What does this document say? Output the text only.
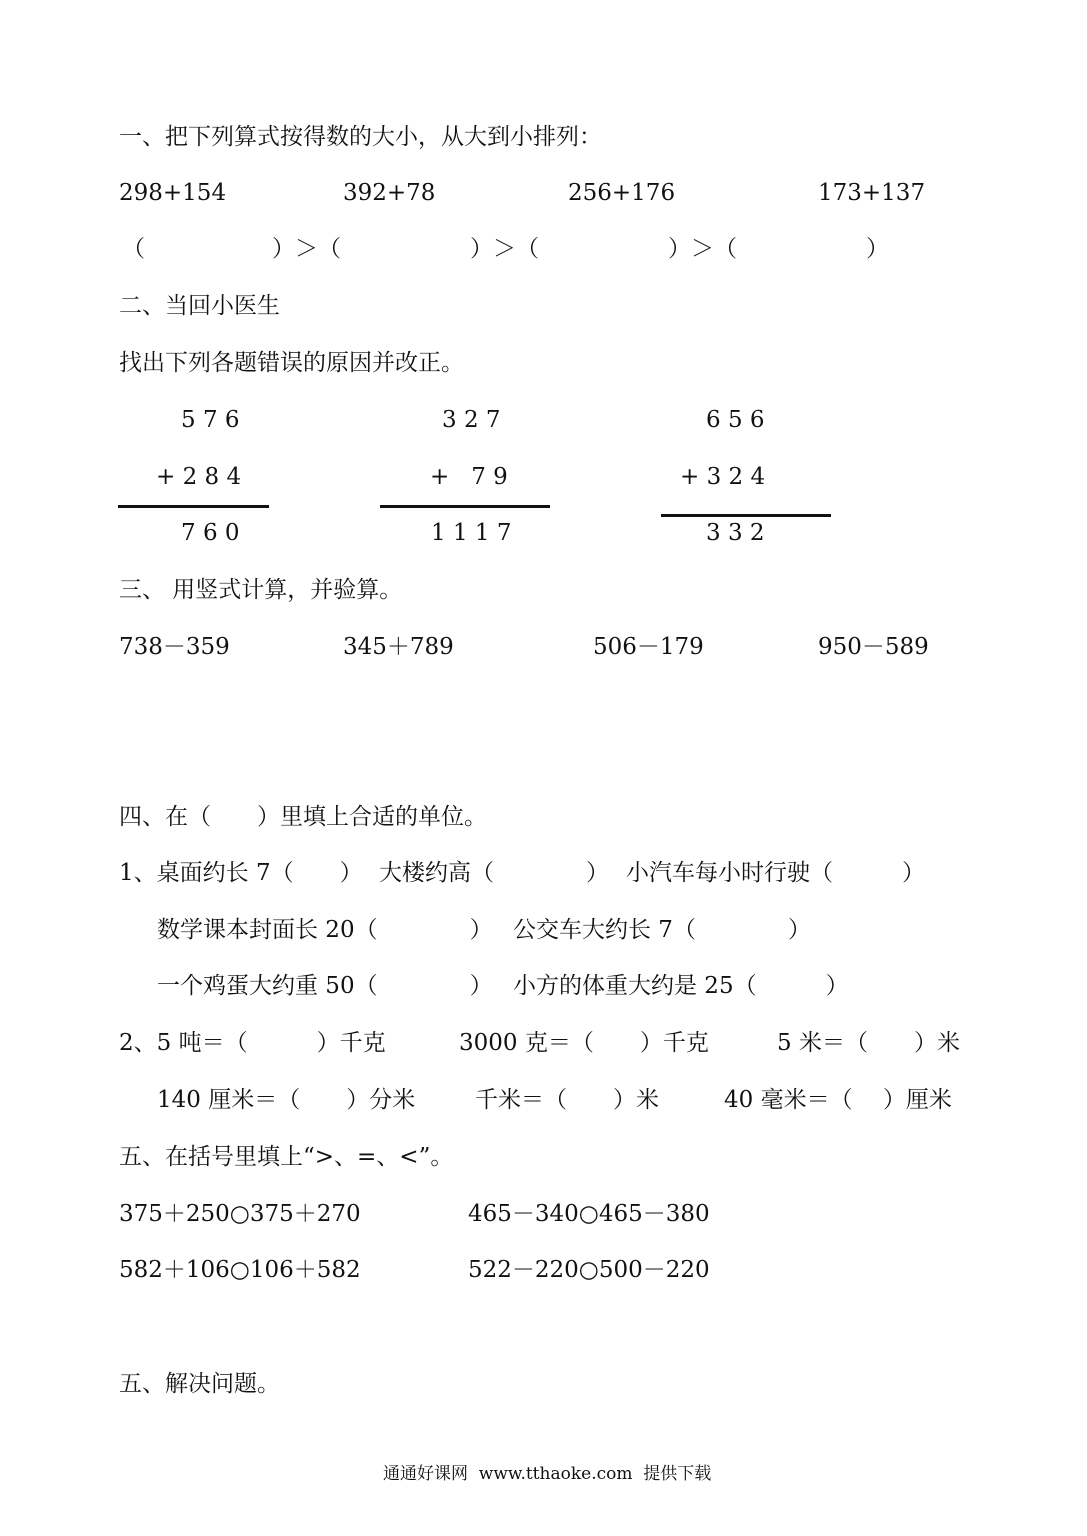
一、把下列算式按得数的大小，从大到小排列：
298+154	392+78	256+176	173+137
（	）＞（	）＞（	）＞（	）
二、当回小医生
找出下列各题错误的原因并改正。
5 7 6
+ 2 8 4
7 6 0
3 2 7
+   7 9
1 1 1 7
6 5 6
+ 3 2 4
3 3 2
三、 用竖式计算，并验算。
738－359	345＋789	506－179	950－589
四、在（　　）里填上合适的单位。
1、桌面约长 7（　　） 大楼约高（　　　　） 小汽车每小时行驶（　　　）
数学课本封面长 20（　　　　） 公交车大约长 7（　　　　）
一个鸡蛋大约重 50（　　　　） 小方的体重大约是 25（　　　）
2、5 吨＝（　　　）千克	3000 克＝（　　）千克	5 米＝（　　）米
140 厘米＝（　　）分米	千米＝（　　）米	40 毫米＝（　 ）厘米
五、在括号里填上“>、=、<”。
375＋250○375＋270	465－340○465－380
582＋106○106＋582	522－220○500－220
五、解决问题。
通通好课网  www.tthaoke.com  提供下载
